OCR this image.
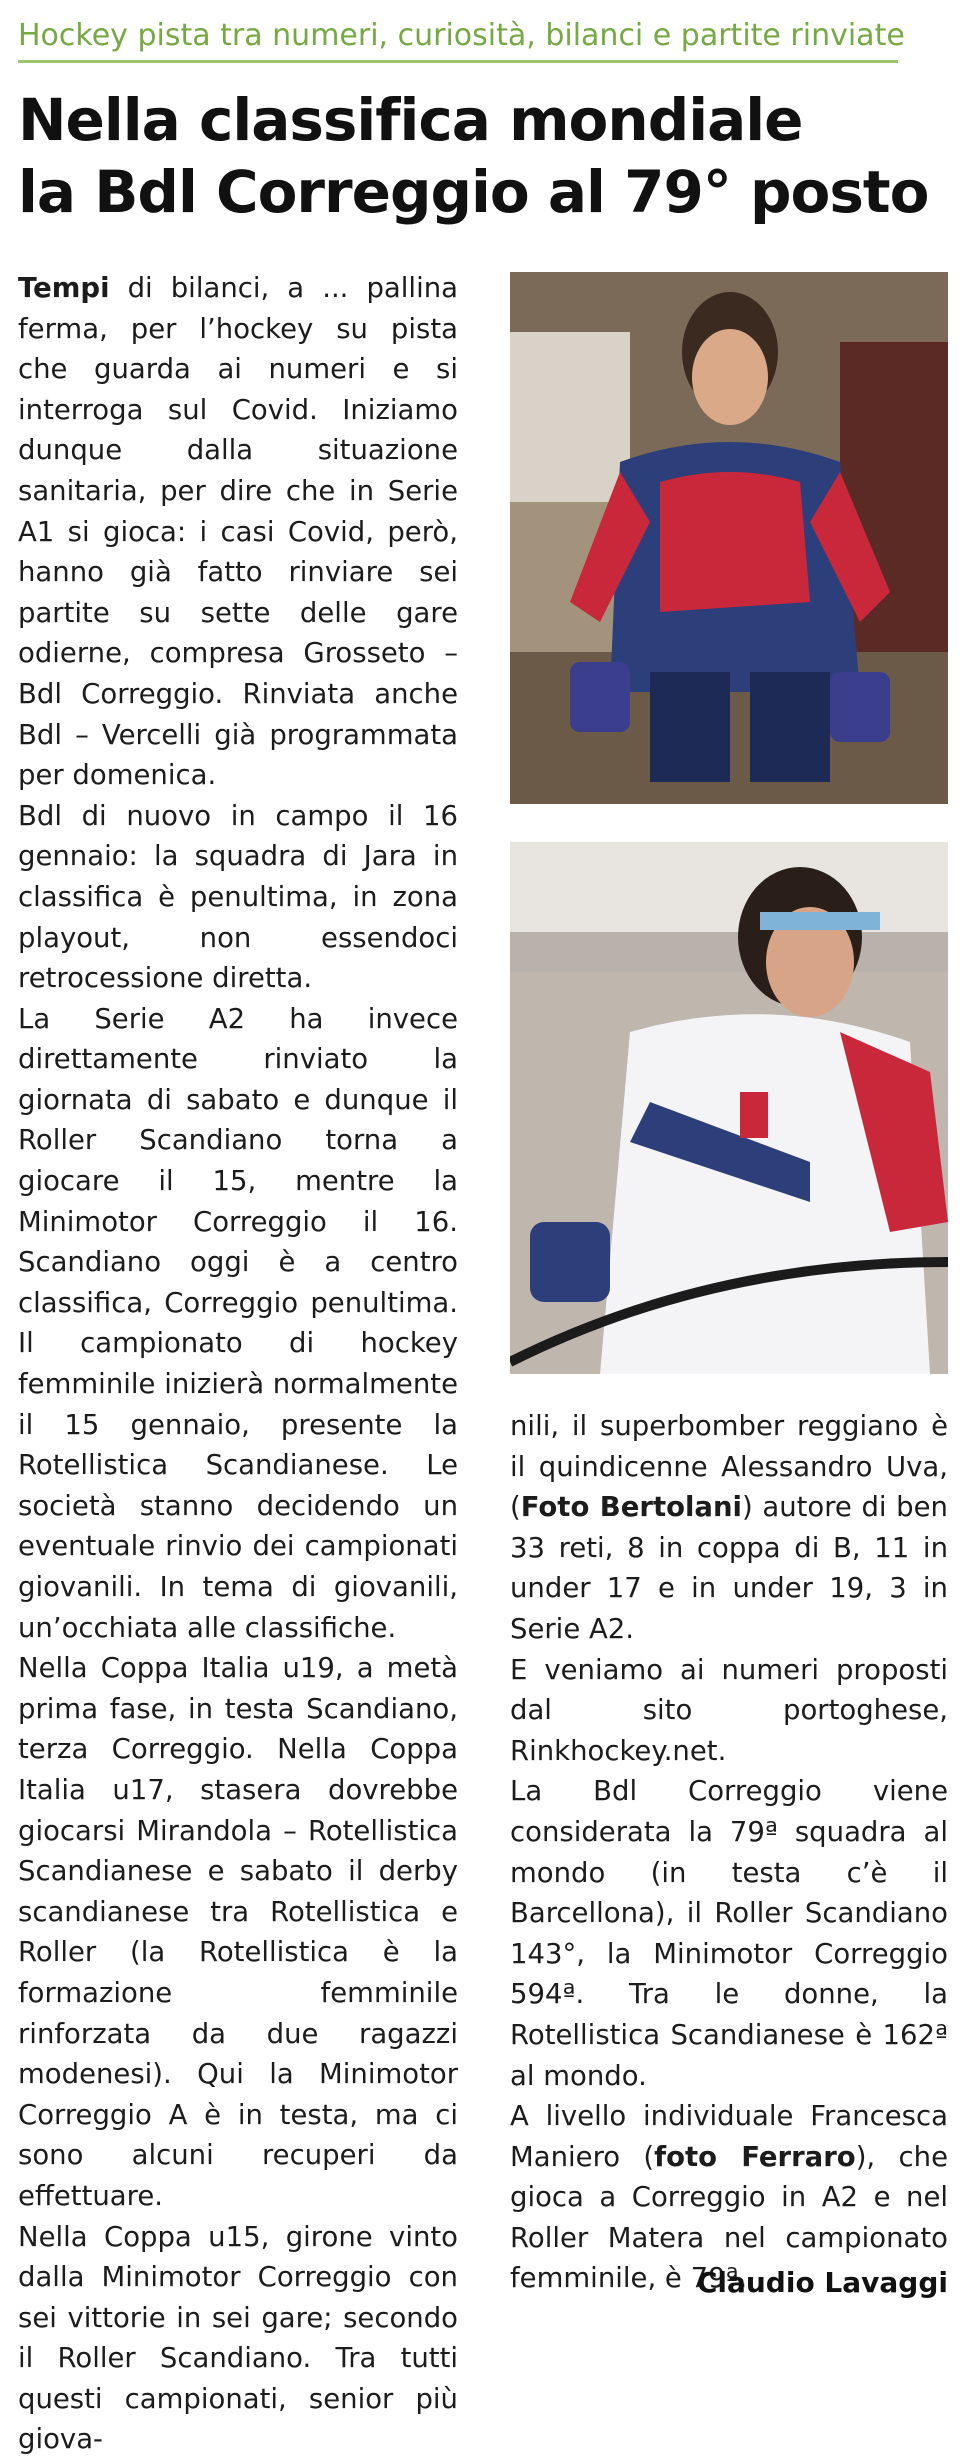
Hockey pista tra numeri, curiosità, bilanci e partite rinviate
Nella classifica mondiale
la Bdl Correggio al 79° posto

Tempi di bilanci, a ... pallina ferma, per l’hockey su pista che guarda ai numeri e si interroga sul Covid. Iniziamo dunque dalla situazione sanitaria, per dire che in Serie A1 si gioca: i casi Covid, però, hanno già fatto rinviare sei partite su sette delle gare odierne, compresa Grosseto – Bdl Correggio. Rinviata anche Bdl – Vercelli già programmata per domenica.

Bdl di nuovo in campo il 16 gennaio: la squadra di Jara in classifica è penultima, in zona playout, non essendoci retrocessione diretta.

La Serie A2 ha invece direttamente rinviato la giornata di sabato e dunque il Roller Scandiano torna a giocare il 15, mentre la Minimotor Correggio il 16. Scandiano oggi è a centro classifica, Correggio penultima. Il campionato di hockey femminile inizierà normalmente il 15 gennaio, presente la Rotellistica Scandianese. Le società stanno decidendo un eventuale rinvio dei campionati giovanili. In tema di giovanili, un’occhiata alle classifiche.

Nella Coppa Italia u19, a metà prima fase, in testa Scandiano, terza Correggio. Nella Coppa Italia u17, stasera dovrebbe giocarsi Mirandola – Rotellistica Scandianese e sabato il derby scandianese tra Rotellistica e Roller (la Rotellistica è la formazione femminile rinforzata da due ragazzi modenesi). Qui la Minimotor Correggio A è in testa, ma ci sono alcuni recuperi da effettuare.

Nella Coppa u15, girone vinto dalla Minimotor Correggio con sei vittorie in sei gare; secondo il Roller Scandiano. Tra tutti questi campionati, senior più giova-

nili, il superbomber reggiano è il quindicenne Alessandro Uva, (Foto Bertolani) autore di ben 33 reti, 8 in coppa di B, 11 in under 17 e in under 19, 3 in Serie A2.

E veniamo ai numeri proposti dal sito portoghese, Rinkhockey.net.

La Bdl Correggio viene considerata la 79ª squadra al mondo (in testa c’è il Barcellona), il Roller Scandiano 143°, la Minimotor Correggio 594ª. Tra le donne, la Rotellistica Scandianese è 162ª al mondo.

A livello individuale Francesca Maniero (foto Ferraro), che gioca a Correggio in A2 e nel Roller Matera nel campionato femminile, è 79ª.

Claudio Lavaggi
